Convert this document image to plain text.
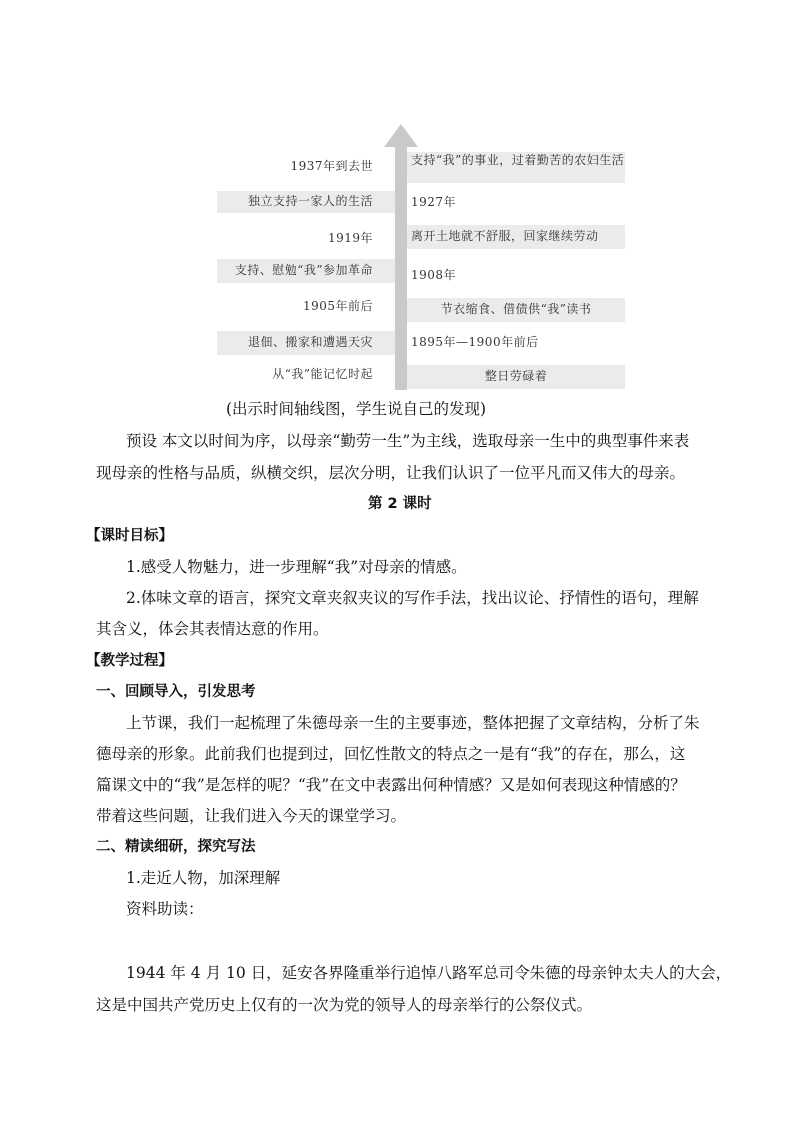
1937年到去世	支持“我”的事业，过着勤苦的农妇生活
独立支持一家人的生活	1927年
1919年	离开土地就不舒服，回家继续劳动
支持、慰勉“我”参加革命	1908年
1905年前后	节衣缩食、借债供“我”读书
退佃、搬家和遭遇天灾	1895年—1900年前后
从“我”能记忆时起	整日劳碌着
(出示时间轴线图，学生说自己的发现)
预设 本文以时间为序，以母亲“勤劳一生”为主线，选取母亲一生中的典型事件来表
现母亲的性格与品质，纵横交织，层次分明，让我们认识了一位平凡而又伟大的母亲。
第 2 课时
【课时目标】
1.感受人物魅力，进一步理解“我”对母亲的情感。
2.体味文章的语言，探究文章夹叙夹议的写作手法，找出议论、抒情性的语句，理解
其含义，体会其表情达意的作用。
【教学过程】
一、回顾导入，引发思考
上节课，我们一起梳理了朱德母亲一生的主要事迹，整体把握了文章结构，分析了朱
德母亲的形象。此前我们也提到过，回忆性散文的特点之一是有“我”的存在，那么，这
篇课文中的“我”是怎样的呢？“我”在文中表露出何种情感？又是如何表现这种情感的？
带着这些问题，让我们进入今天的课堂学习。
二、精读细研，探究写法
1.走近人物，加深理解
资料助读：
1944 年 4 月 10 日，延安各界隆重举行追悼八路军总司令朱德的母亲钟太夫人的大会，
这是中国共产党历史上仅有的一次为党的领导人的母亲举行的公祭仪式。
